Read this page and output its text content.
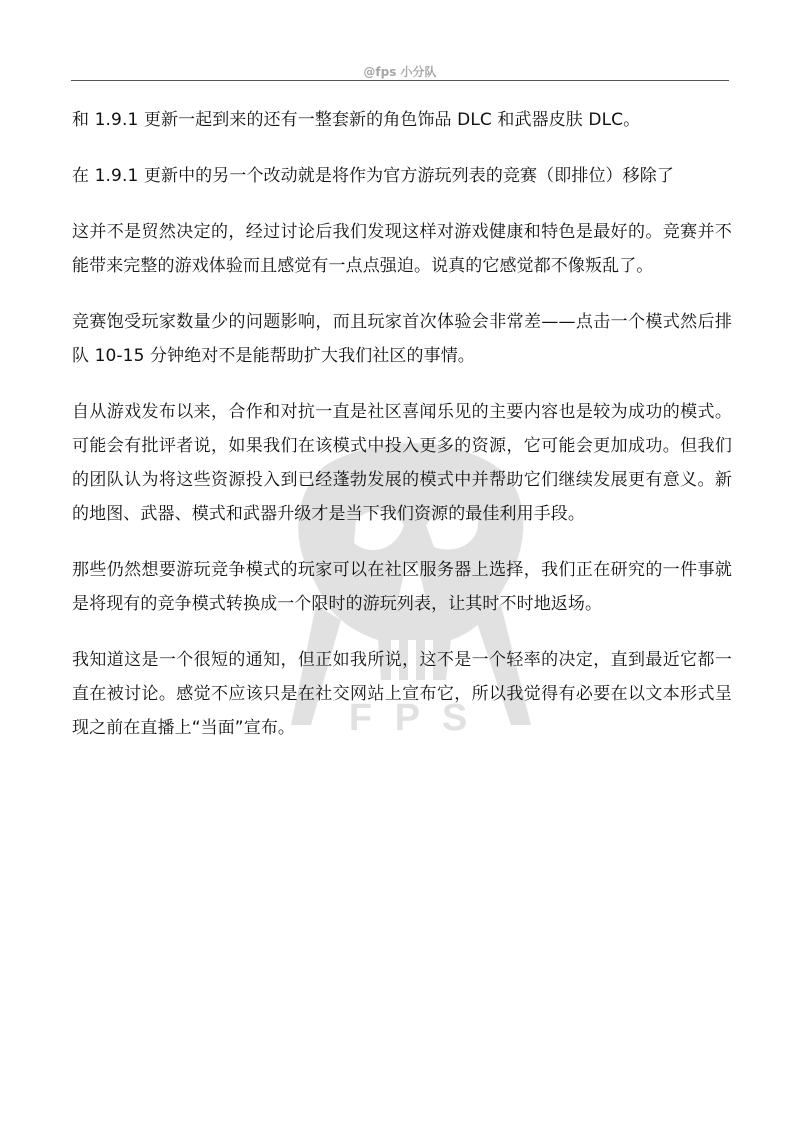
@fps 小分队
F P S

和 1.9.1 更新一起到来的还有一整套新的角色饰品 DLC 和武器皮肤 DLC。

在 1.9.1 更新中的另一个改动就是将作为官方游玩列表的竞赛（即排位）移除了

这并不是贸然决定的，经过讨论后我们发现这样对游戏健康和特色是最好的。竞赛并不能带来完整的游戏体验而且感觉有一点点强迫。说真的它感觉都不像叛乱了。

竞赛饱受玩家数量少的问题影响，而且玩家首次体验会非常差——点击一个模式然后排队 10-15 分钟绝对不是能帮助扩大我们社区的事情。

自从游戏发布以来，合作和对抗一直是社区喜闻乐见的主要内容也是较为成功的模式。可能会有批评者说，如果我们在该模式中投入更多的资源，它可能会更加成功。但我们的团队认为将这些资源投入到已经蓬勃发展的模式中并帮助它们继续发展更有意义。新的地图、武器、模式和武器升级才是当下我们资源的最佳利用手段。

那些仍然想要游玩竞争模式的玩家可以在社区服务器上选择，我们正在研究的一件事就是将现有的竞争模式转换成一个限时的游玩列表，让其时不时地返场。

我知道这是一个很短的通知，但正如我所说，这不是一个轻率的决定，直到最近它都一直在被讨论。感觉不应该只是在社交网站上宣布它，所以我觉得有必要在以文本形式呈现之前在直播上“当面”宣布。
